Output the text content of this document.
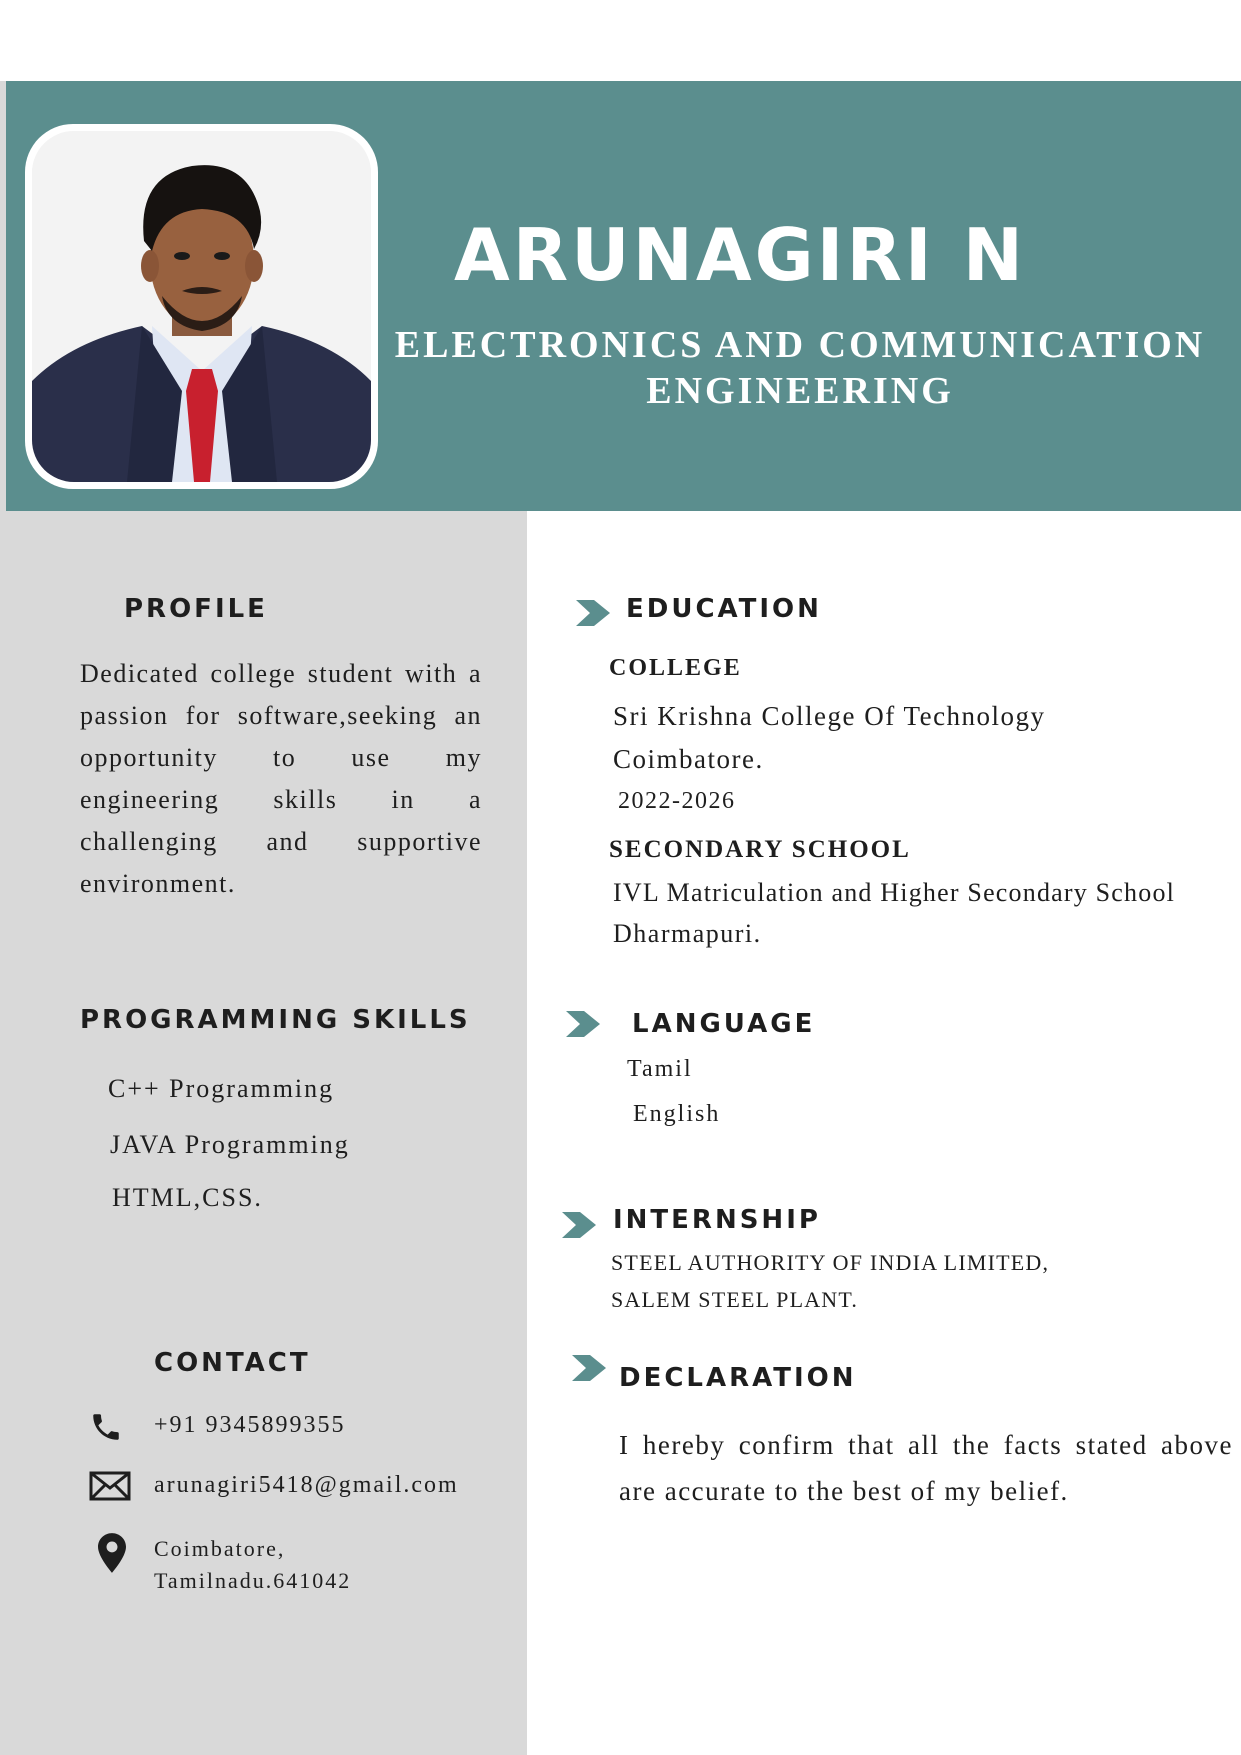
ARUNAGIRI N
ELECTRONICS AND COMMUNICATION
ENGINEERING
PROFILE
Dedicated college student with a passion for software,seeking an opportunity to use my engineering skills in a challenging and supportive environment.
PROGRAMMING SKILLS
C++ Programming
JAVA Programming
HTML,CSS.
CONTACT
+91 9345899355
arunagiri5418@gmail.com
Coimbatore,
Tamilnadu.641042
EDUCATION
COLLEGE
Sri Krishna College Of Technology
Coimbatore.
2022-2026
SECONDARY SCHOOL
IVL Matriculation and Higher Secondary School
Dharmapuri.
LANGUAGE
Tamil
English
INTERNSHIP
STEEL AUTHORITY OF INDIA LIMITED,
SALEM STEEL PLANT.
DECLARATION
I hereby confirm that all the facts stated above are accurate to the best of my belief.
